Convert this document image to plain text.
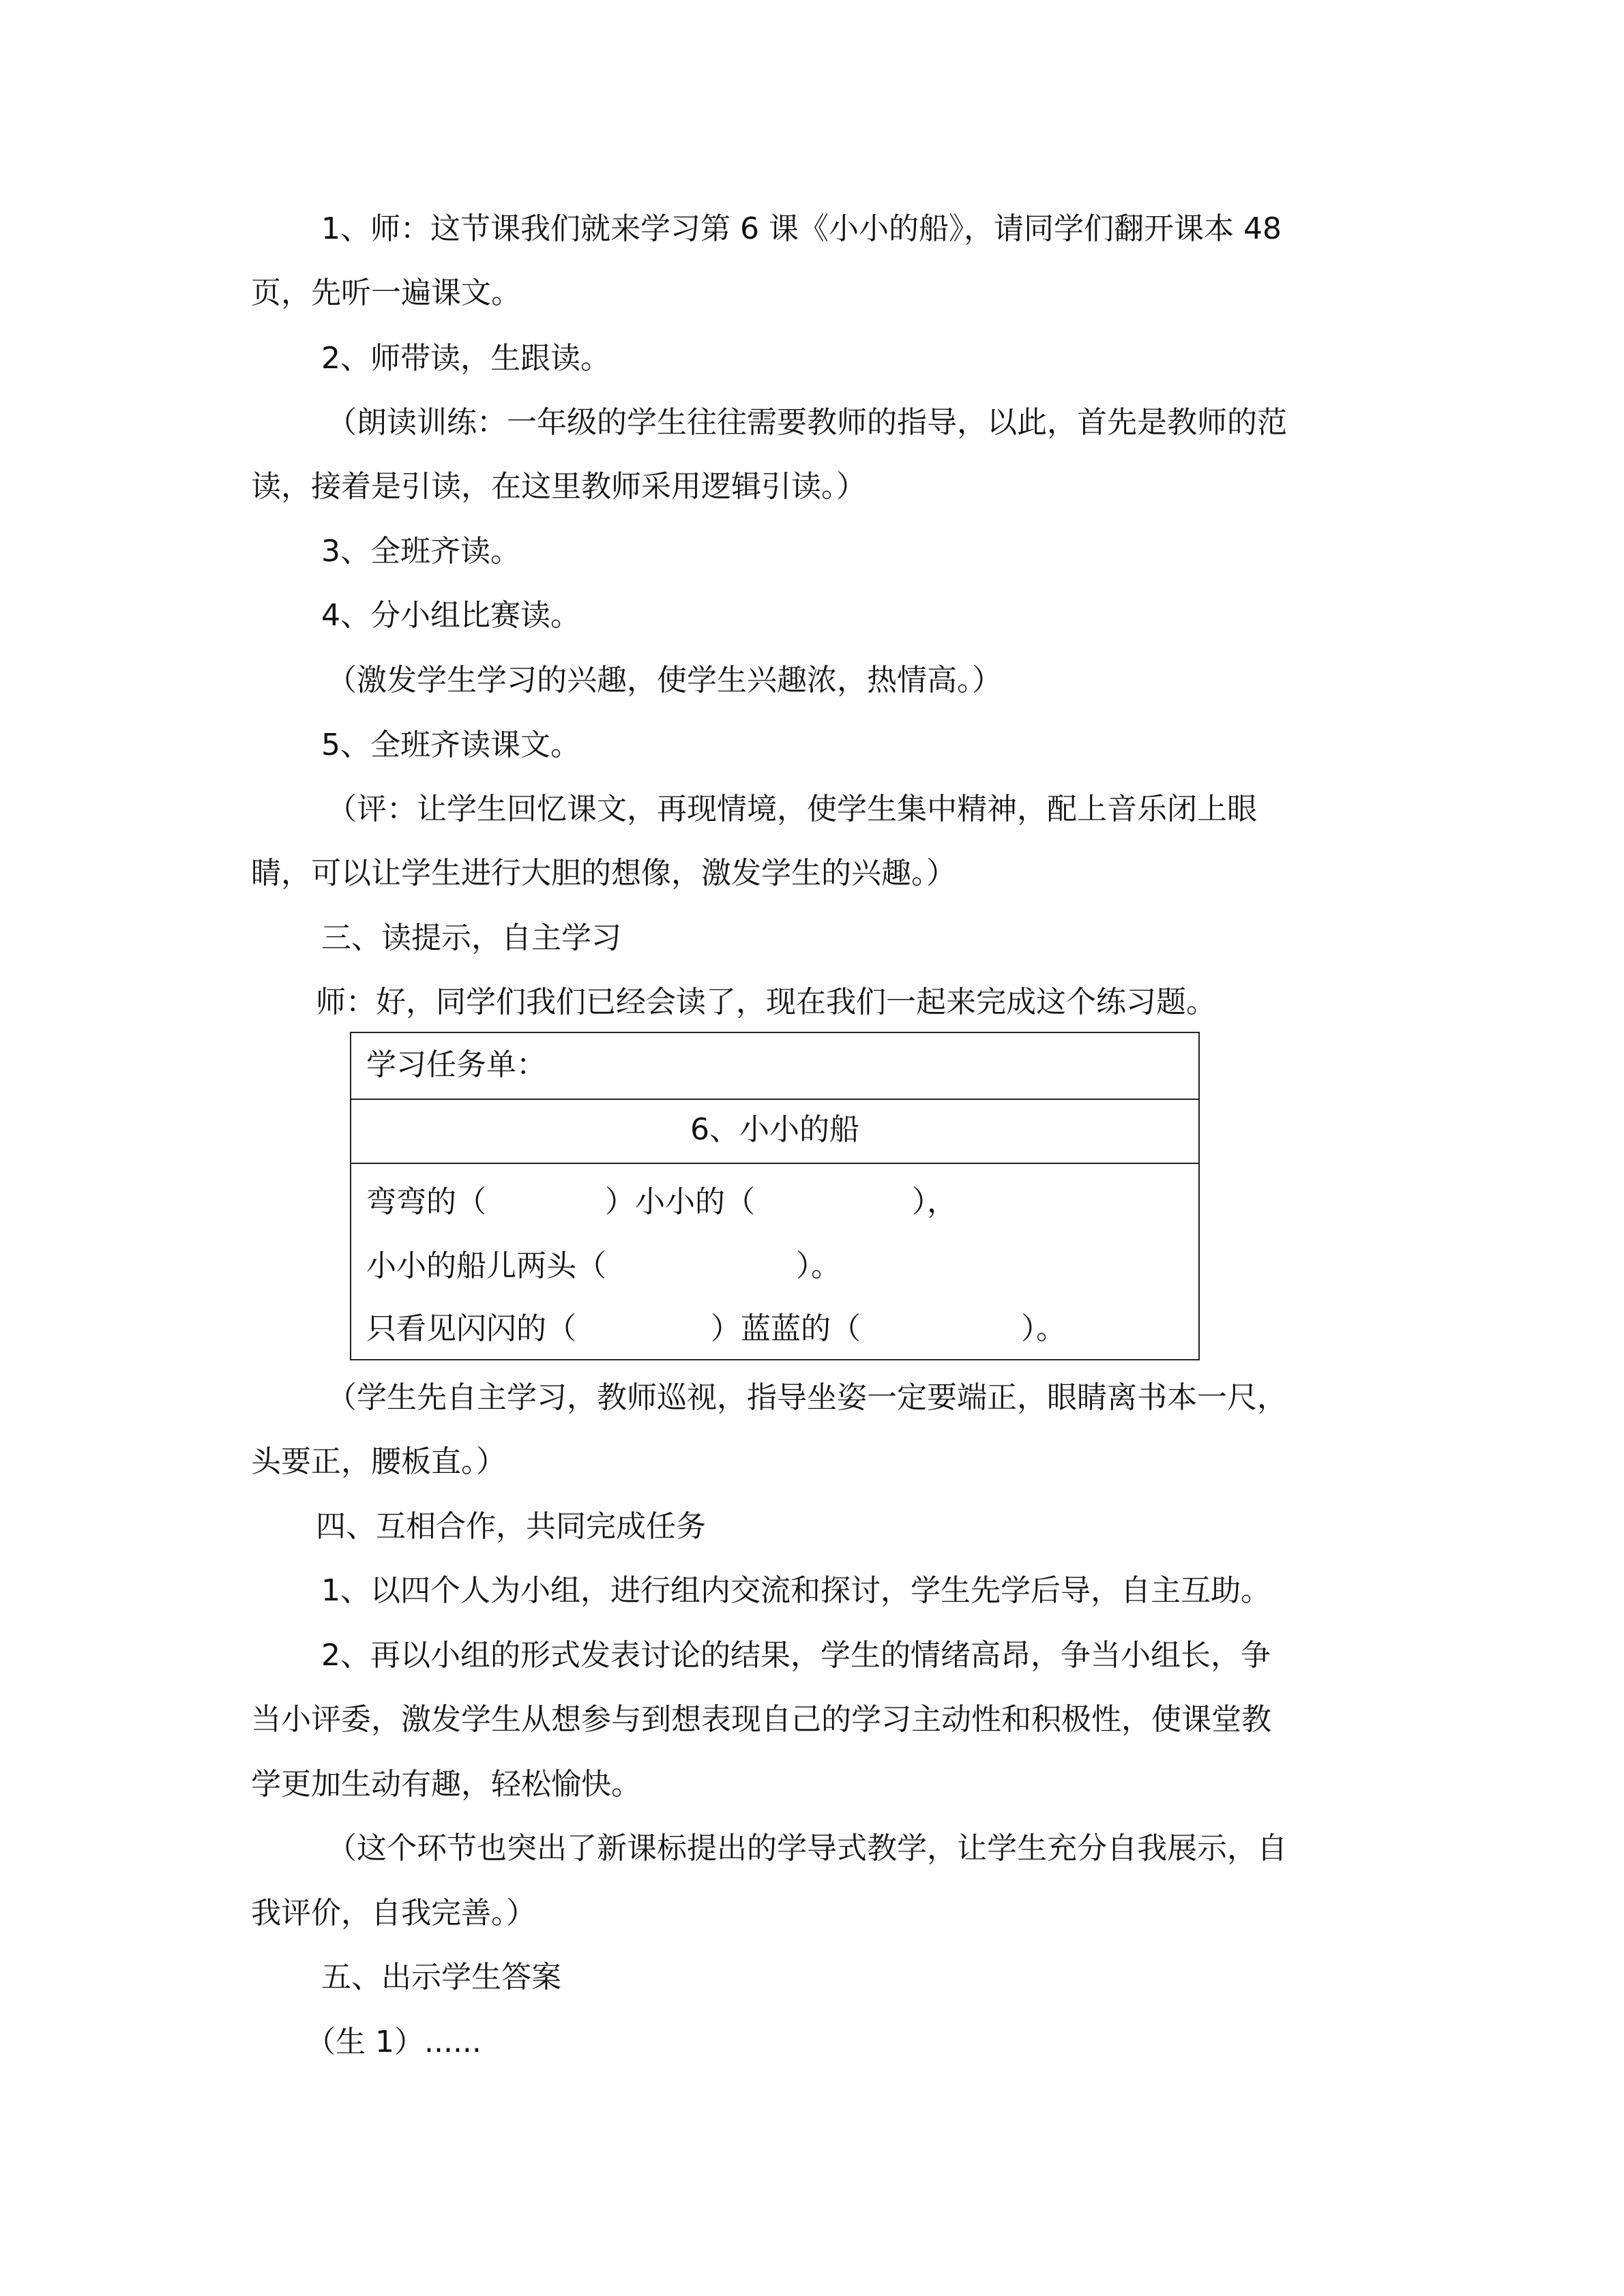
1、师：这节课我们就来学习第 6 课《小小的船》，请同学们翻开课本 48
页，先听一遍课文。
2、师带读，生跟读。
（朗读训练：一年级的学生往往需要教师的指导，以此，首先是教师的范
读，接着是引读，在这里教师采用逻辑引读。）
3、全班齐读。
4、分小组比赛读。
（激发学生学习的兴趣，使学生兴趣浓，热情高。）
5、全班齐读课文。
（评：让学生回忆课文，再现情境，使学生集中精神，配上音乐闭上眼
睛，可以让学生进行大胆的想像，激发学生的兴趣。）
三、读提示，自主学习
师：好，同学们我们已经会读了，现在我们一起来完成这个练习题。
学习任务单：
6、小小的船
弯弯的（	）小小的（	），
小小的船儿两头（	）。
只看见闪闪的（	）蓝蓝的（	）。
（学生先自主学习，教师巡视，指导坐姿一定要端正，眼睛离书本一尺，
头要正，腰板直。）
四、互相合作，共同完成任务
1、以四个人为小组，进行组内交流和探讨，学生先学后导，自主互助。
2、再以小组的形式发表讨论的结果，学生的情绪高昂，争当小组长，争
当小评委，激发学生从想参与到想表现自己的学习主动性和积极性，使课堂教
学更加生动有趣，轻松愉快。
（这个环节也突出了新课标提出的学导式教学，让学生充分自我展示，自
我评价，自我完善。）
五、出示学生答案
（生 1）......
